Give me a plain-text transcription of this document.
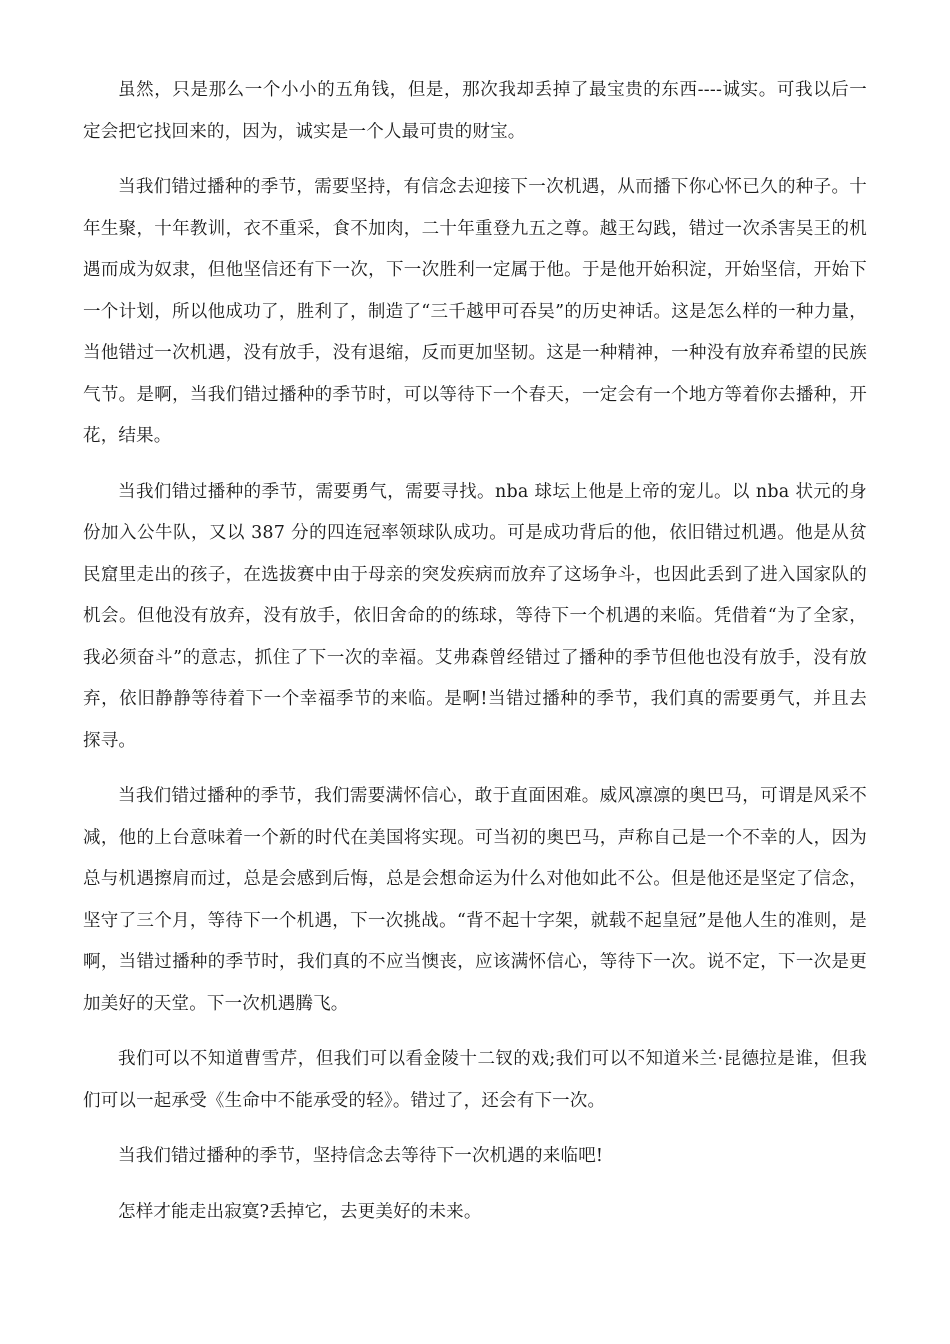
虽然，只是那么一个小小的五角钱，但是，那次我却丢掉了最宝贵的东西----诚实。可我以后一定会把它找回来的，因为，诚实是一个人最可贵的财宝。

当我们错过播种的季节，需要坚持，有信念去迎接下一次机遇，从而播下你心怀已久的种子。十年生聚，十年教训，衣不重采，食不加肉，二十年重登九五之尊。越王勾践，错过一次杀害吴王的机遇而成为奴隶，但他坚信还有下一次，下一次胜利一定属于他。于是他开始积淀，开始坚信，开始下一个计划，所以他成功了，胜利了，制造了“三千越甲可吞吴”的历史神话。这是怎么样的一种力量，当他错过一次机遇，没有放手，没有退缩，反而更加坚韧。这是一种精神，一种没有放弃希望的民族气节。是啊，当我们错过播种的季节时，可以等待下一个春天，一定会有一个地方等着你去播种，开花，结果。

当我们错过播种的季节，需要勇气，需要寻找。nba 球坛上他是上帝的宠儿。以 nba 状元的身份加入公牛队，又以 387 分的四连冠率领球队成功。可是成功背后的他，依旧错过机遇。他是从贫民窟里走出的孩子，在选拔赛中由于母亲的突发疾病而放弃了这场争斗，也因此丢到了进入国家队的机会。但他没有放弃，没有放手，依旧舍命的的练球，等待下一个机遇的来临。凭借着“为了全家，我必须奋斗”的意志，抓住了下一次的幸福。艾弗森曾经错过了播种的季节但他也没有放手，没有放弃，依旧静静等待着下一个幸福季节的来临。是啊!当错过播种的季节，我们真的需要勇气，并且去探寻。

当我们错过播种的季节，我们需要满怀信心，敢于直面困难。威风凛凛的奥巴马，可谓是风采不减，他的上台意味着一个新的时代在美国将实现。可当初的奥巴马，声称自己是一个不幸的人，因为总与机遇擦肩而过，总是会感到后悔，总是会想命运为什么对他如此不公。但是他还是坚定了信念，坚守了三个月，等待下一个机遇，下一次挑战。“背不起十字架，就载不起皇冠”是他人生的准则，是啊，当错过播种的季节时，我们真的不应当懊丧，应该满怀信心，等待下一次。说不定，下一次是更加美好的天堂。下一次机遇腾飞。

我们可以不知道曹雪芹，但我们可以看金陵十二钗的戏;我们可以不知道米兰·昆德拉是谁，但我们可以一起承受《生命中不能承受的轻》。错过了，还会有下一次。

当我们错过播种的季节，坚持信念去等待下一次机遇的来临吧!

怎样才能走出寂寞?丢掉它，去更美好的未来。
